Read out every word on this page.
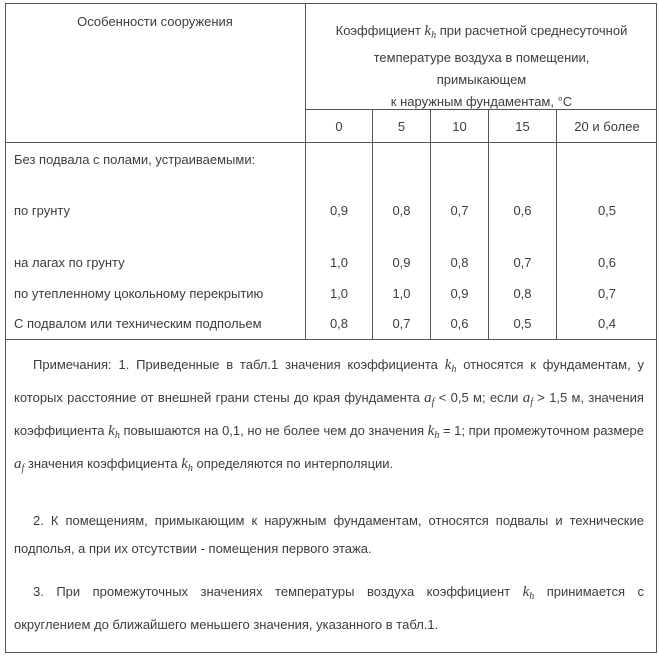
Особенности сооружения
Коэффициент $k_h$ при расчетной среднесуточной
температуре воздуха в помещении,
примыкающем
к наружным фундаментам, °С
0	5	10	15	20 и более
Без подвала с полами, устраиваемыми:
по грунту	0,9	0,8	0,7	0,6	0,5
на лагах по грунту	1,0	0,9	0,8	0,7	0,6
по утепленному цокольному перекрытию	1,0	1,0	0,9	0,8	0,7
С подвалом или техническим подпольем	0,8	0,7	0,6	0,5	0,4

Примечания: 1. Приведенные в табл.1 значения коэффициента $k_h$ относятся к фундаментам, у которых расстояние от внешней грани стены до края фундамента $a_f < 0,5$ м; если $a_f > 1,5$ м, значения коэффициента $k_h$ повышаются на 0,1, но не более чем до значения $k_h = 1$; при промежуточном размере $a_f$ значения коэффициента $k_h$ определяются по интерполяции.

2. К помещениям, примыкающим к наружным фундаментам, относятся подвалы и технические подполья, а при их отсутствии - помещения первого этажа.

3. При промежуточных значениях температуры воздуха коэффициент $k_h$ принимается с округлением до ближайшего меньшего значения, указанного в табл.1.
